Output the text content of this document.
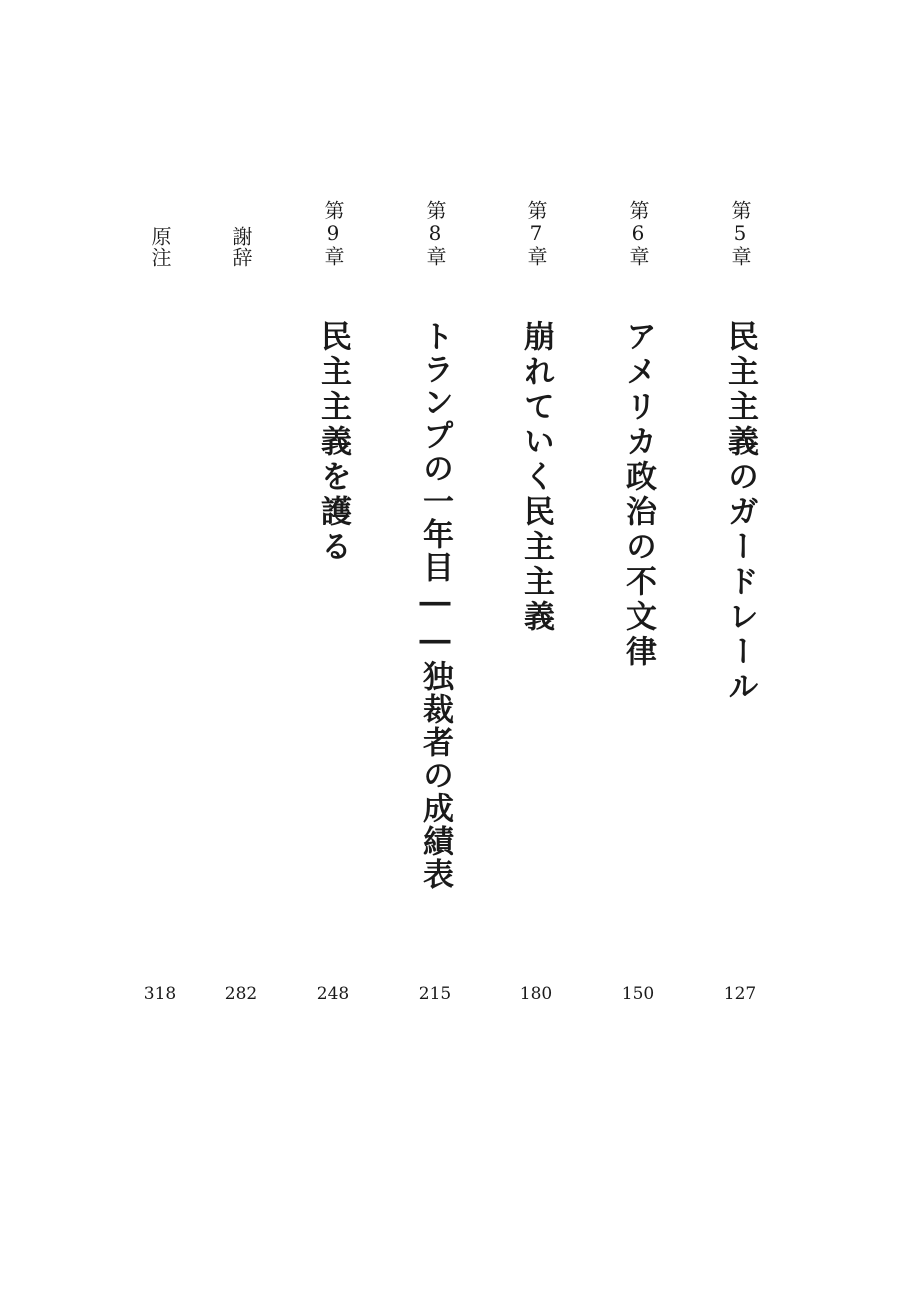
第5章
民主主義のガードレール
127
第6章
アメリカ政治の不文律
150
第7章
崩れていく民主主義
180
第8章
トランプの一年目――独裁者の成績表
215
第9章
民主主義を護る
248
謝辞
282
原注
318
